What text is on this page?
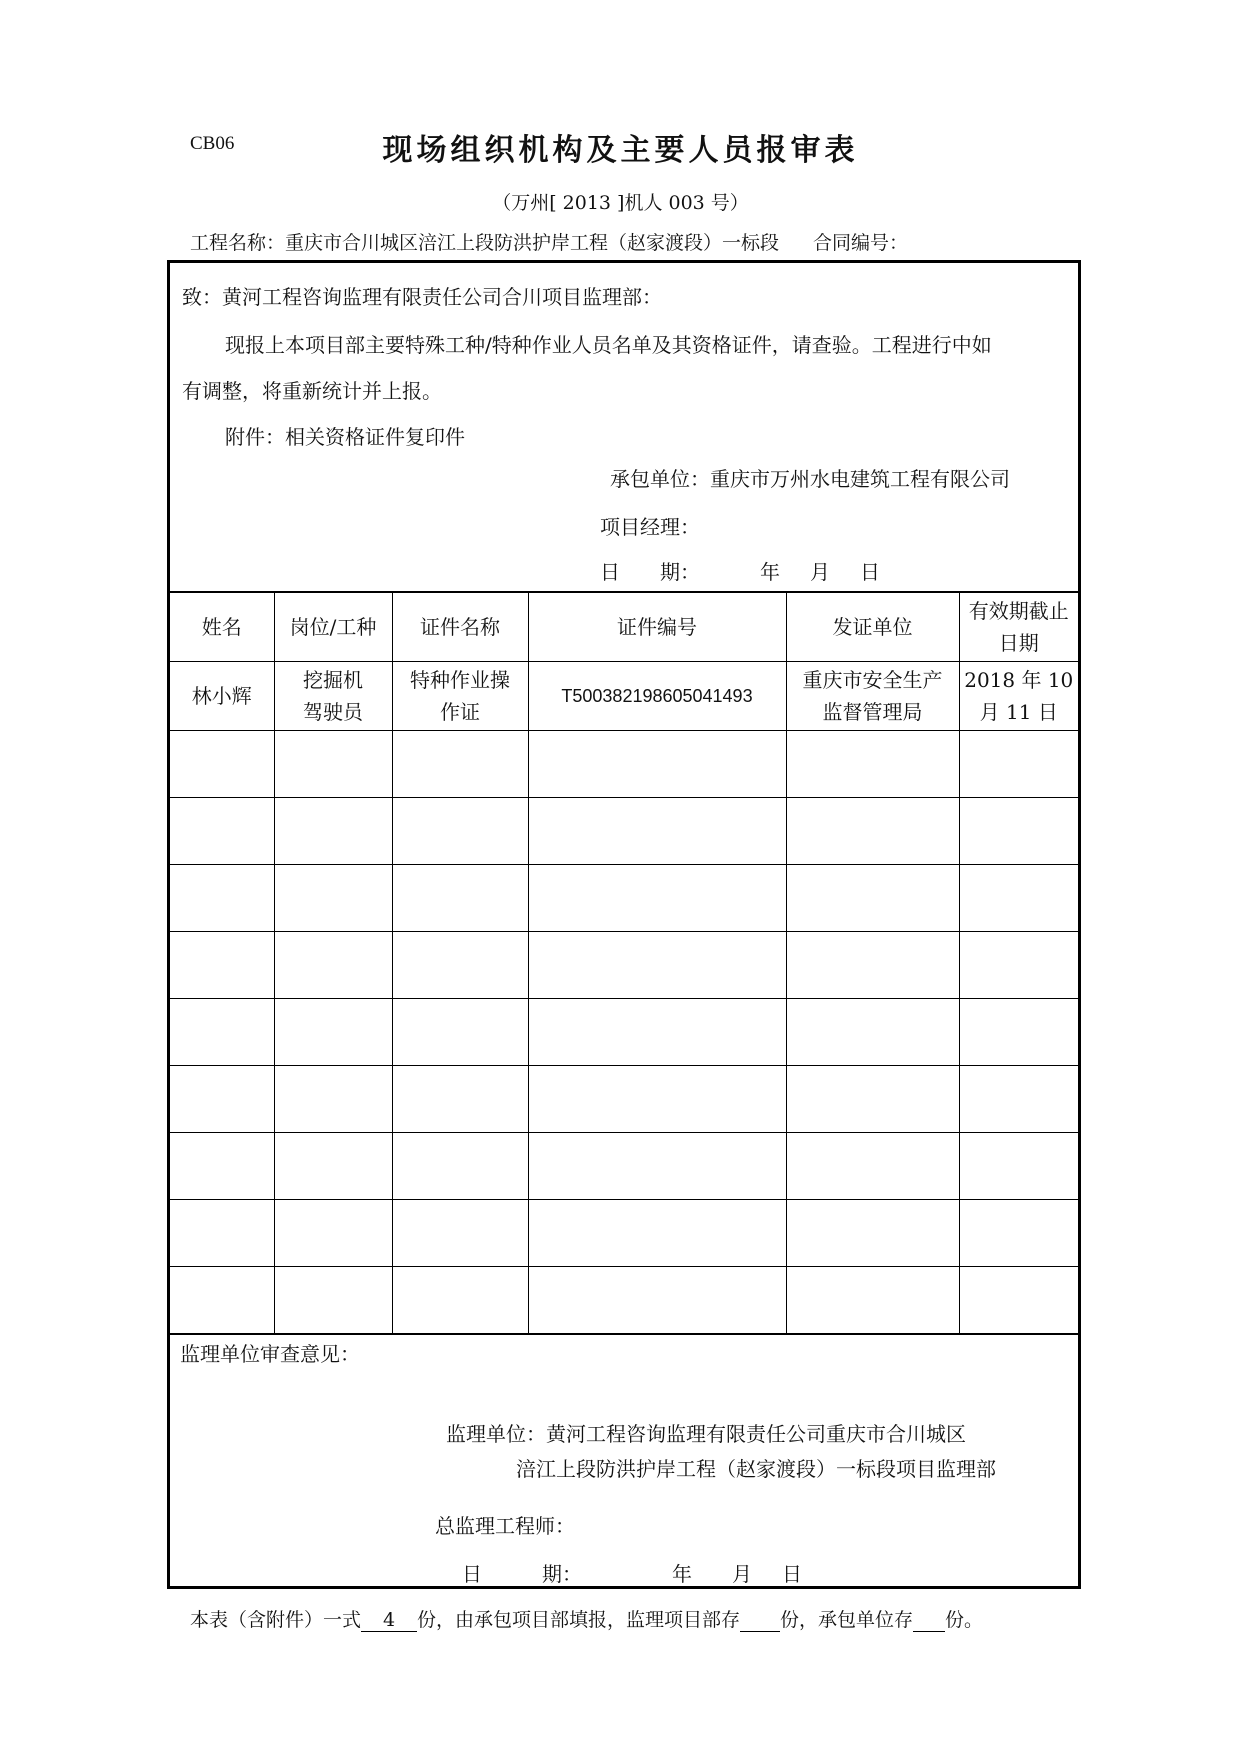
CB06	现场组织机构及主要人员报审表
（万州[ 2013 ]机人 003 号）
工程名称：重庆市合川城区涪江上段防洪护岸工程（赵家渡段）一标段 合同编号：
致：黄河工程咨询监理有限责任公司合川项目监理部：
现报上本项目部主要特殊工种/特种作业人员名单及其资格证件，请查验。工程进行中如
有调整，将重新统计并上报。
附件：相关资格证件复印件
承包单位：重庆市万州水电建筑工程有限公司
项目经理：
日　　期：	年 月 日
姓名	岗位/工种	证件名称	证件编号	发证单位	有效期截止日期
林小辉	挖掘机驾驶员	特种作业操作证	T500382198605041493	重庆市安全生产监督管理局	2018 年 10 月 11 日

监理单位审查意见：
监理单位：黄河工程咨询监理有限责任公司重庆市合川城区
涪江上段防洪护岸工程（赵家渡段）一标段项目监理部
总监理工程师：
日　　　期：	年 月 日
本表（含附件）一式 4 份，由承包项目部填报，监理项目部存 份，承包单位存 份。
